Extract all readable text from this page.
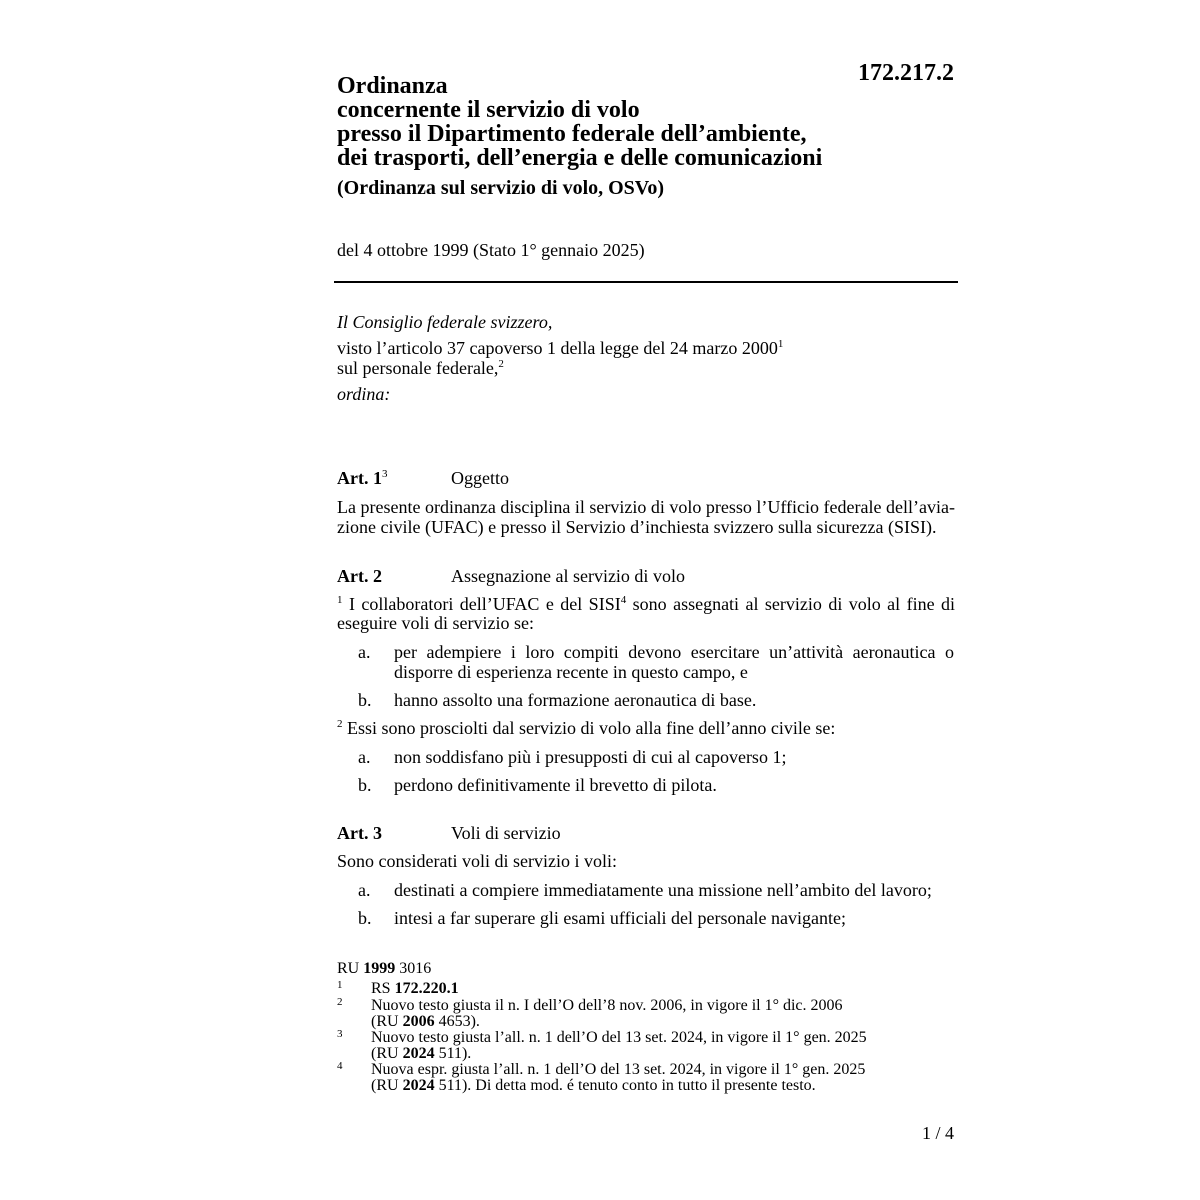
172.217.2
Ordinanza
concernente il servizio di volo
presso il Dipartimento federale dell’ambiente,
dei trasporti, dell’energia e delle comunicazioni
(Ordinanza sul servizio di volo, OSVo)
del 4 ottobre 1999 (Stato 1° gennaio 2025)
Il Consiglio federale svizzero,
visto l’articolo 37 capoverso 1 della legge del 24 marzo 2000$^1$
sul personale federale,$^2$
ordina:
Art. $1^3$	Oggetto
La presente ordinanza disciplina il servizio di volo presso l’Ufficio federale dell’avia-
zione civile (UFAC) e presso il Servizio d’inchiesta svizzero sulla sicurezza (SISI).
Art. 2	Assegnazione al servizio di volo
$^1$ I collaboratori dell’UFAC e del SISI$^4$ sono assegnati al servizio di volo al fine di
eseguire voli di servizio se:
a. per adempiere i loro compiti devono esercitare un’attività aeronautica o
disporre di esperienza recente in questo campo, e
b. hanno assolto una formazione aeronautica di base.
$^2$ Essi sono prosciolti dal servizio di volo alla fine dell’anno civile se:
a. non soddisfano più i presupposti di cui al capoverso 1;
b. perdono definitivamente il brevetto di pilota.
Art. 3	Voli di servizio
Sono considerati voli di servizio i voli:
a. destinati a compiere immediatamente una missione nell’ambito del lavoro;
b. intesi a far superare gli esami ufficiali del personale navigante;
RU 1999 3016
1 RS 172.220.1
2 Nuovo testo giusta il n. I dell’O dell’8 nov. 2006, in vigore il 1° dic. 2006
(RU 2006 4653).
3 Nuovo testo giusta l’all. n. 1 dell’O del 13 set. 2024, in vigore il 1° gen. 2025
(RU 2024 511).
4 Nuova espr. giusta l’all. n. 1 dell’O del 13 set. 2024, in vigore il 1° gen. 2025
(RU 2024 511). Di detta mod. é tenuto conto in tutto il presente testo.
1 / 4
